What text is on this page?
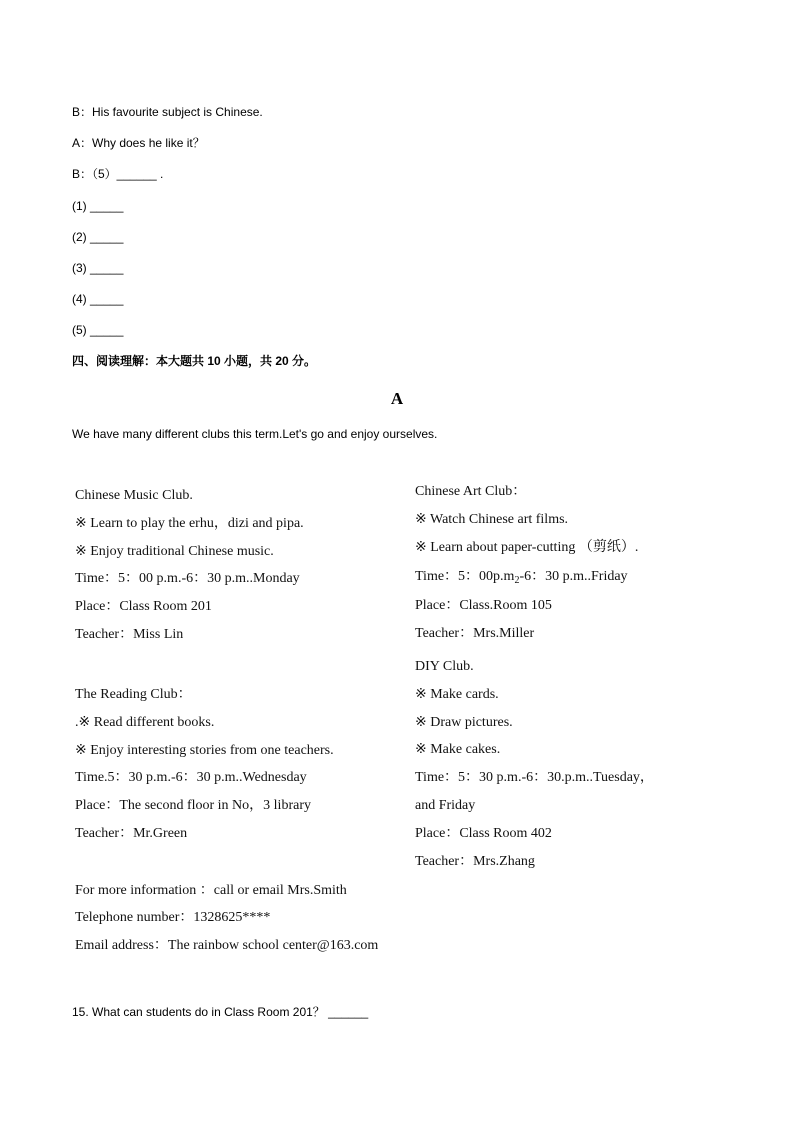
B：His favourite subject is Chinese.
A：Why does he like it？
B：（5）______ .
(1) _____
(2) _____
(3) _____
(4) _____
(5) _____
四、阅读理解：本大题共 10 小题，共 20 分。
A
We have many different clubs this term.Let's go and enjoy ourselves.
Chinese Music Club.
※ Learn to play the erhu，dizi and pipa.
※ Enjoy traditional Chinese music.
Time：5：00 p.m.-6：30 p.m..Monday
Place：Class Room 201
Teacher：Miss Lin
Chinese Art Club：
※ Watch Chinese art films.
※ Learn about paper-cutting （剪纸）.
Time：5：$00p.m_2-6$：30 p.m..Friday
Place：Class.Room 105
Teacher：Mrs.Miller
The Reading Club：
.※ Read different books.
※ Enjoy interesting stories from one teachers.
Time.5：30 p.m.-6：30 p.m..Wednesday
Place：The second floor in No，3 library
Teacher：Mr.Green
DIY Club.
※ Make cards.
※ Draw pictures.
※ Make cakes.
Time：5：30 p.m.-6：30.p.m..Tuesday，
and Friday
Place：Class Room 402
Teacher：Mrs.Zhang
For more information ：call or email Mrs.Smith
Telephone number：1328625****
Email address：The rainbow school center@163.com
15. What can students do in Class Room 201？ ______
